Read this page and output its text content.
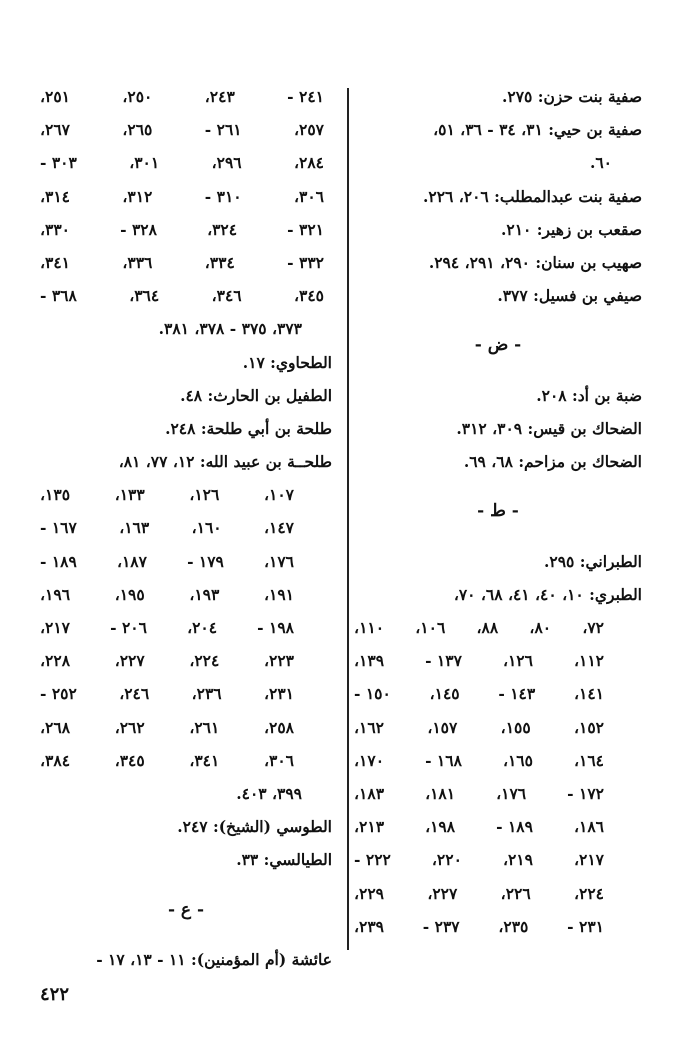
صفية بنت حزن: ٢٧٥.
صفية بن حيي: ٣١، ٣٤ - ٣٦، ٥١،
٦٠.
صفية بنت عبدالمطلب: ٢٠٦، ٢٢٦.
صقعب بن زهير: ٢١٠.
صهيب بن سنان: ٢٩٠، ٢٩١، ٢٩٤.
صيفي بن فسيل: ٣٧٧.
- ض -
ضبة بن أد: ٢٠٨.
الضحاك بن قيس: ٣٠٩، ٣١٢.
الضحاك بن مزاحم: ٦٨، ٦٩.
- ط -
الطبراني: ٢٩٥.
الطبري: ١٠، ٤٠، ٤١، ٦٨، ٧٠،
٧٢،
٨٠،
٨٨،
١٠٦،
١١٠،
١١٢،
١٢٦،
١٣٧ -
١٣٩،
١٤١،
١٤٣ -
١٤٥،
١٥٠ -
١٥٢،
١٥٥،
١٥٧،
١٦٢،
١٦٤،
١٦٥،
١٦٨ -
١٧٠،
١٧٢ -
١٧٦،
١٨١،
١٨٣،
١٨٦،
١٨٩ -
١٩٨،
٢١٣،
٢١٧،
٢١٩،
٢٢٠،
٢٢٢ -
٢٢٤،
٢٢٦،
٢٢٧،
٢٢٩،
٢٣١ -
٢٣٥،
٢٣٧ -
٢٣٩،
٢٤١ -
٢٤٣،
٢٥٠،
٢٥١،
٢٥٧،
٢٦١ -
٢٦٥،
٢٦٧،
٢٨٤،
٢٩٦،
٣٠١،
٣٠٣ -
٣٠٦،
٣١٠ -
٣١٢،
٣١٤،
٣٢١ -
٣٢٤،
٣٢٨ -
٣٣٠،
٣٣٢ -
٣٣٤،
٣٣٦،
٣٤١،
٣٤٥،
٣٤٦،
٣٦٤،
٣٦٨ -
٣٧٣، ٣٧٥ - ٣٧٨، ٣٨١.
الطحاوي: ١٧.
الطفيل بن الحارث: ٤٨.
طلحة بن أبي طلحة: ٢٤٨.
طلحــة بن عبيد الله: ١٢، ٧٧، ٨١،
١٠٧،
١٢٦،
١٣٣،
١٣٥،
١٤٧،
١٦٠،
١٦٣،
١٦٧ -
١٧٦،
١٧٩ -
١٨٧،
١٨٩ -
١٩١،
١٩٣،
١٩٥،
١٩٦،
١٩٨ -
٢٠٤،
٢٠٦ -
٢١٧،
٢٢٣،
٢٢٤،
٢٢٧،
٢٢٨،
٢٣١،
٢٣٦،
٢٤٦،
٢٥٢ -
٢٥٨،
٢٦١،
٢٦٢،
٢٦٨،
٣٠٦،
٣٤١،
٣٤٥،
٣٨٤،
٣٩٩، ٤٠٣.
الطوسي (الشيخ): ٢٤٧.
الطيالسي: ٣٣.
- ع -
عائشة (أم المؤمنين): ١١ - ١٣، ١٧ -
٤٢٢
